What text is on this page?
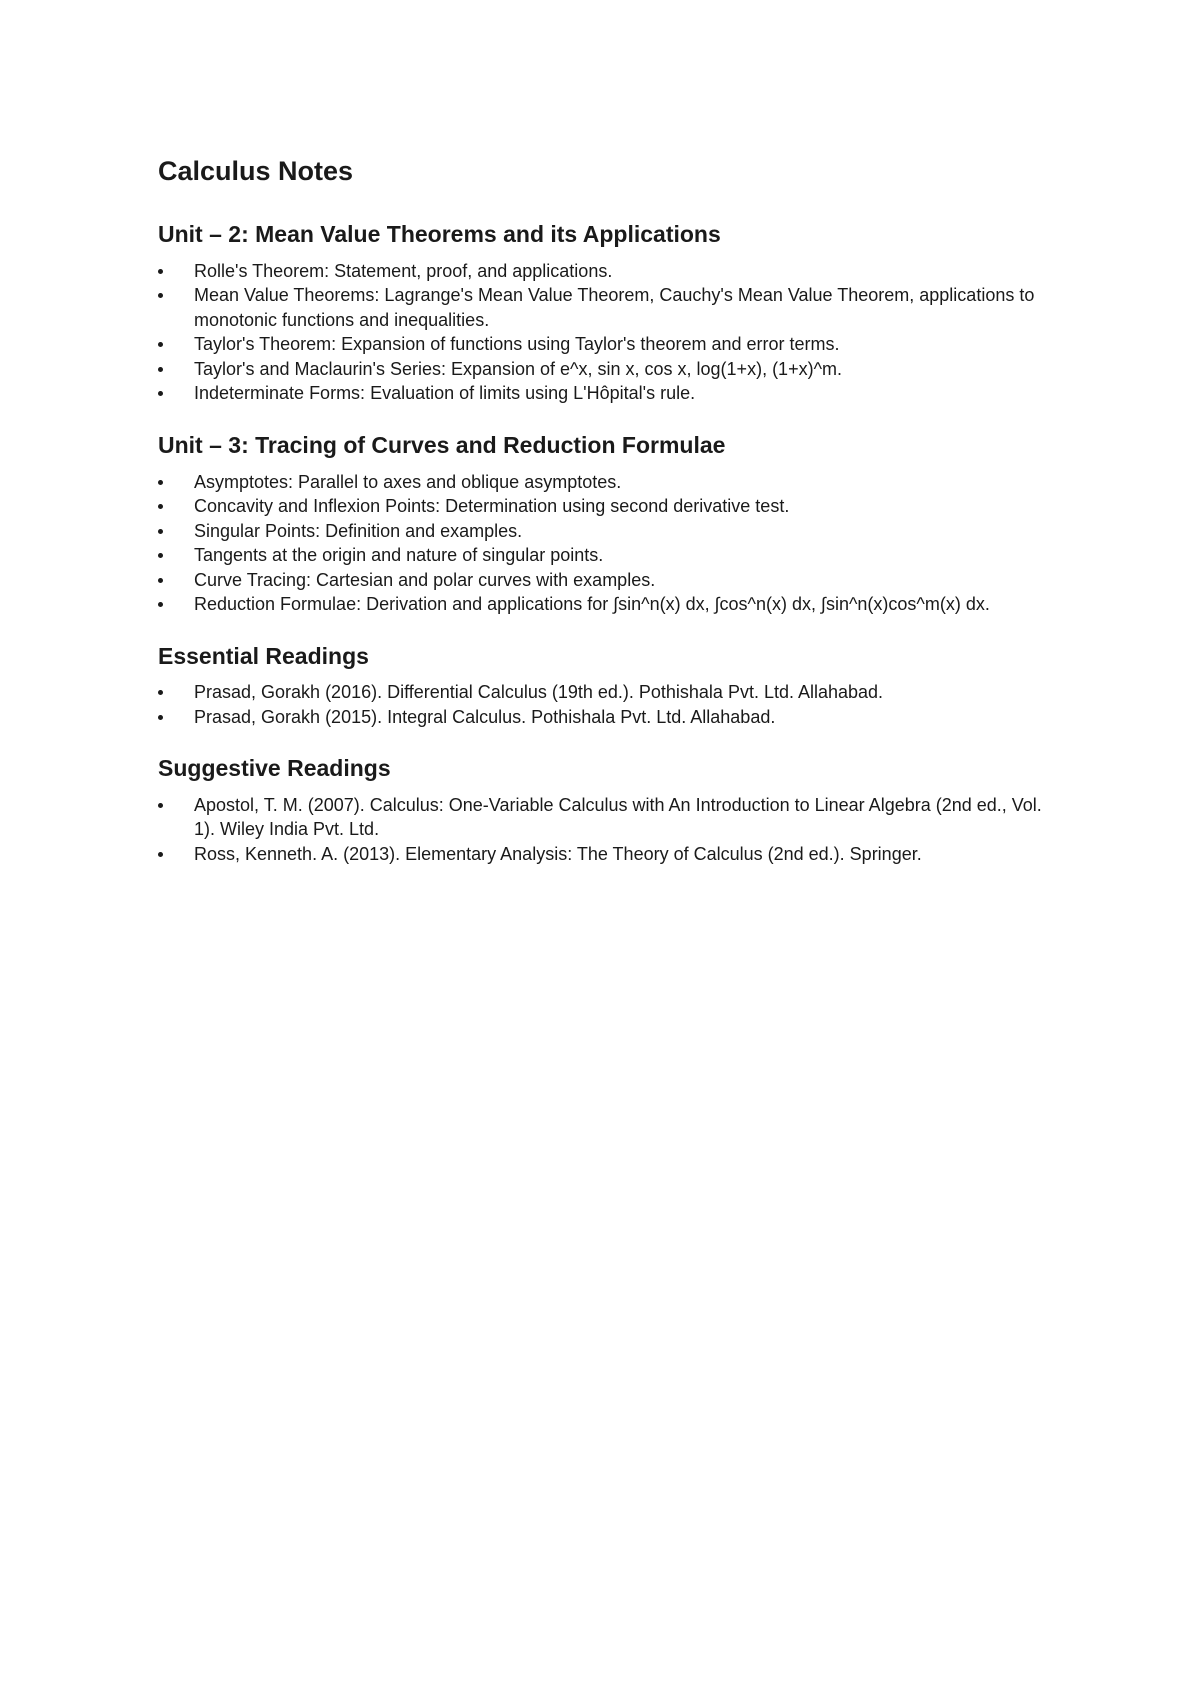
Calculus Notes
Unit – 2: Mean Value Theorems and its Applications
Rolle's Theorem: Statement, proof, and applications.
Mean Value Theorems: Lagrange's Mean Value Theorem, Cauchy's Mean Value Theorem, applications to monotonic functions and inequalities.
Taylor's Theorem: Expansion of functions using Taylor's theorem and error terms.
Taylor's and Maclaurin's Series: Expansion of e^x, sin x, cos x, log(1+x), (1+x)^m.
Indeterminate Forms: Evaluation of limits using L'Hôpital's rule.
Unit – 3: Tracing of Curves and Reduction Formulae
Asymptotes: Parallel to axes and oblique asymptotes.
Concavity and Inflexion Points: Determination using second derivative test.
Singular Points: Definition and examples.
Tangents at the origin and nature of singular points.
Curve Tracing: Cartesian and polar curves with examples.
Reduction Formulae: Derivation and applications for ∫sin^n(x) dx, ∫cos^n(x) dx, ∫sin^n(x)cos^m(x) dx.
Essential Readings
Prasad, Gorakh (2016). Differential Calculus (19th ed.). Pothishala Pvt. Ltd. Allahabad.
Prasad, Gorakh (2015). Integral Calculus. Pothishala Pvt. Ltd. Allahabad.
Suggestive Readings
Apostol, T. M. (2007). Calculus: One-Variable Calculus with An Introduction to Linear Algebra (2nd ed., Vol. 1). Wiley India Pvt. Ltd.
Ross, Kenneth. A. (2013). Elementary Analysis: The Theory of Calculus (2nd ed.). Springer.
